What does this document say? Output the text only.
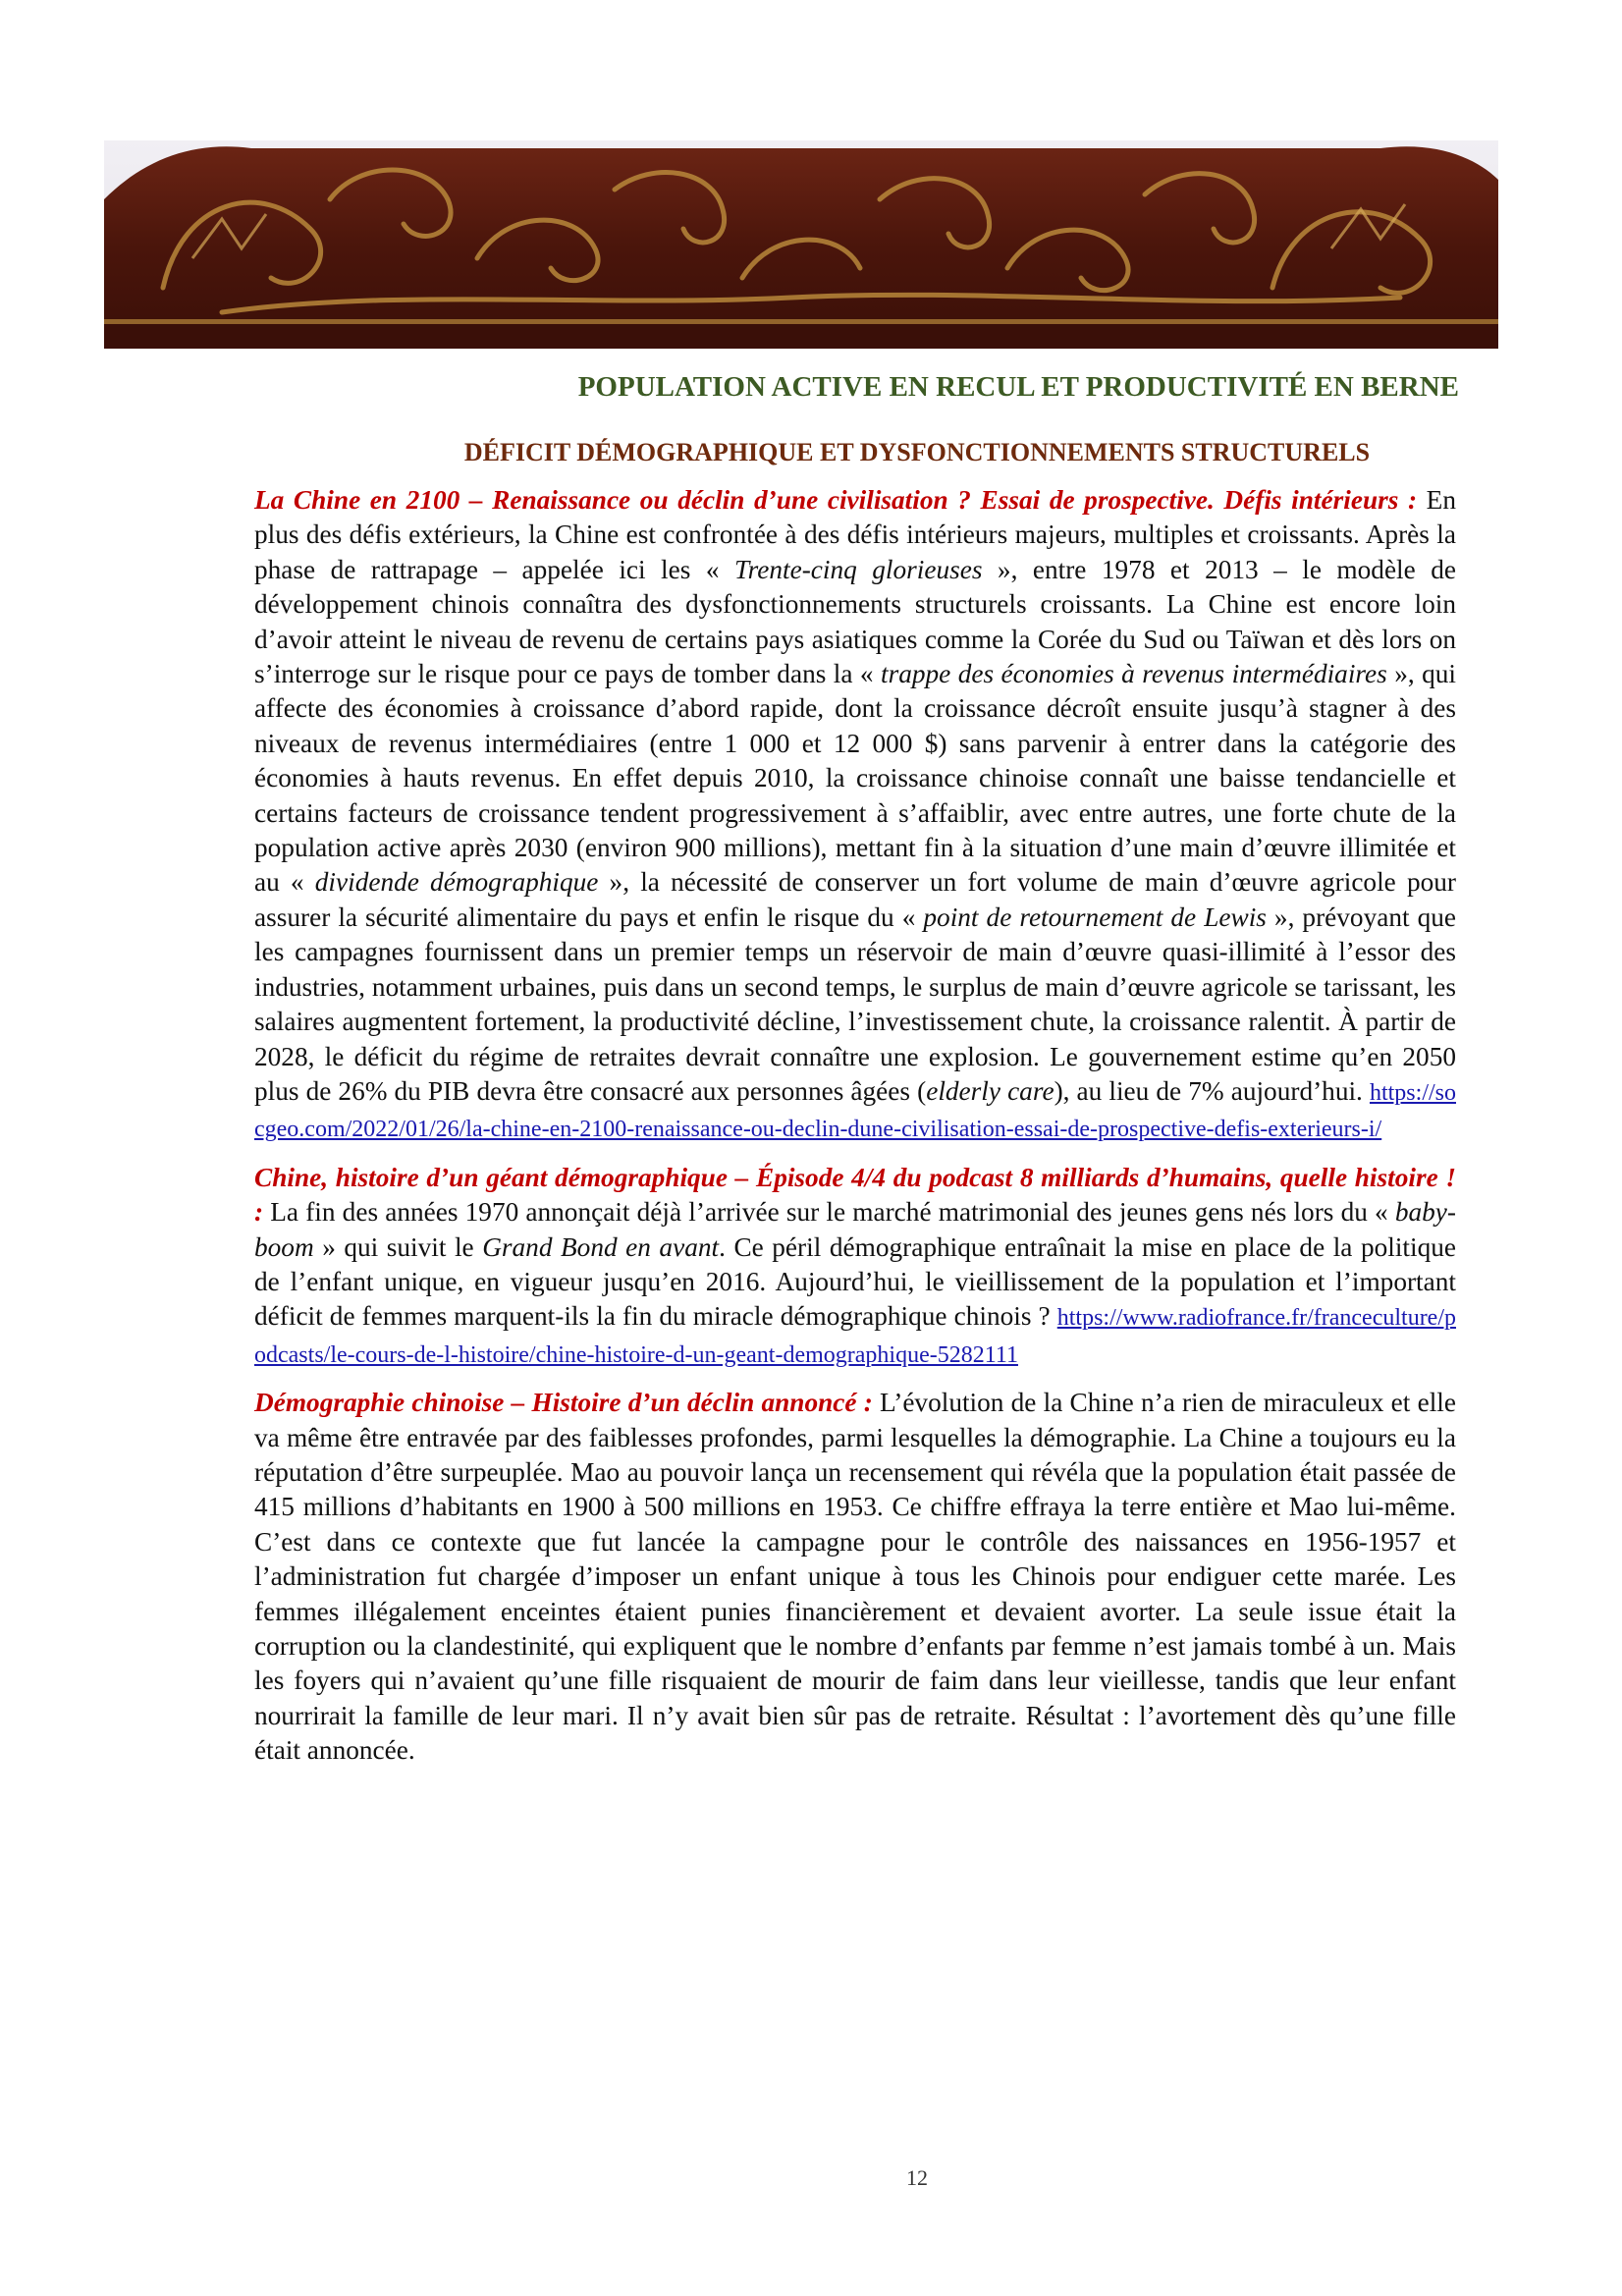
POPULATION ACTIVE EN RECUL ET PRODUCTIVITÉ EN BERNE
DÉFICIT DÉMOGRAPHIQUE ET DYSFONCTIONNEMENTS STRUCTURELS

La Chine en 2100 – Renaissance ou déclin d’une civilisation ? Essai de prospective. Défis intérieurs : En plus des défis extérieurs, la Chine est confrontée à des défis intérieurs majeurs, multiples et croissants. Après la phase de rattrapage – appelée ici les « Trente-cinq glorieuses », entre 1978 et 2013 – le modèle de développement chinois connaîtra des dysfonctionnements structurels croissants. La Chine est encore loin d’avoir atteint le niveau de revenu de certains pays asiatiques comme la Corée du Sud ou Taïwan et dès lors on s’interroge sur le risque pour ce pays de tomber dans la « trappe des économies à revenus intermédiaires », qui affecte des économies à croissance d’abord rapide, dont la croissance décroît ensuite jusqu’à stagner à des niveaux de revenus intermédiaires (entre 1 000 et 12 000 $) sans parvenir à entrer dans la catégorie des économies à hauts revenus. En effet depuis 2010, la croissance chinoise connaît une baisse tendancielle et certains facteurs de croissance tendent progressivement à s’affaiblir, avec entre autres, une forte chute de la population active après 2030 (environ 900 millions), mettant fin à la situation d’une main d’œuvre illimitée et au « dividende démographique », la nécessité de conserver un fort volume de main d’œuvre agricole pour assurer la sécurité alimentaire du pays et enfin le risque du « point de retournement de Lewis », prévoyant que les campagnes fournissent dans un premier temps un réservoir de main d’œuvre quasi-illimité à l’essor des industries, notamment urbaines, puis dans un second temps, le surplus de main d’œuvre agricole se tarissant, les salaires augmentent fortement, la productivité décline, l’investissement chute, la croissance ralentit. À partir de 2028, le déficit du régime de retraites devrait connaître une explosion. Le gouvernement estime qu’en 2050 plus de 26% du PIB devra être consacré aux personnes âgées (elderly care), au lieu de 7% aujourd’hui. https://socgeo.com/2022/01/26/la-chine-en-2100-renaissance-ou-declin-dune-civilisation-essai-de-prospective-defis-exterieurs-i/

Chine, histoire d’un géant démographique – Épisode 4/4 du podcast 8 milliards d’humains, quelle histoire ! : La fin des années 1970 annonçait déjà l’arrivée sur le marché matrimonial des jeunes gens nés lors du « baby-boom » qui suivit le Grand Bond en avant. Ce péril démographique entraînait la mise en place de la politique de l’enfant unique, en vigueur jusqu’en 2016. Aujourd’hui, le vieillissement de la population et l’important déficit de femmes marquent-ils la fin du miracle démographique chinois ? https://www.radiofrance.fr/franceculture/podcasts/le-cours-de-l-histoire/chine-histoire-d-un-geant-demographique-5282111

Démographie chinoise – Histoire d’un déclin annoncé : L’évolution de la Chine n’a rien de miraculeux et elle va même être entravée par des faiblesses profondes, parmi lesquelles la démographie. La Chine a toujours eu la réputation d’être surpeuplée. Mao au pouvoir lança un recensement qui révéla que la population était passée de 415 millions d’habitants en 1900 à 500 millions en 1953. Ce chiffre effraya la terre entière et Mao lui-même. C’est dans ce contexte que fut lancée la campagne pour le contrôle des naissances en 1956-1957 et l’administration fut chargée d’imposer un enfant unique à tous les Chinois pour endiguer cette marée. Les femmes illégalement enceintes étaient punies financièrement et devaient avorter. La seule issue était la corruption ou la clandestinité, qui expliquent que le nombre d’enfants par femme n’est jamais tombé à un. Mais les foyers qui n’avaient qu’une fille risquaient de mourir de faim dans leur vieillesse, tandis que leur enfant nourrirait la famille de leur mari. Il n’y avait bien sûr pas de retraite. Résultat : l’avortement dès qu’une fille était annoncée.

12
